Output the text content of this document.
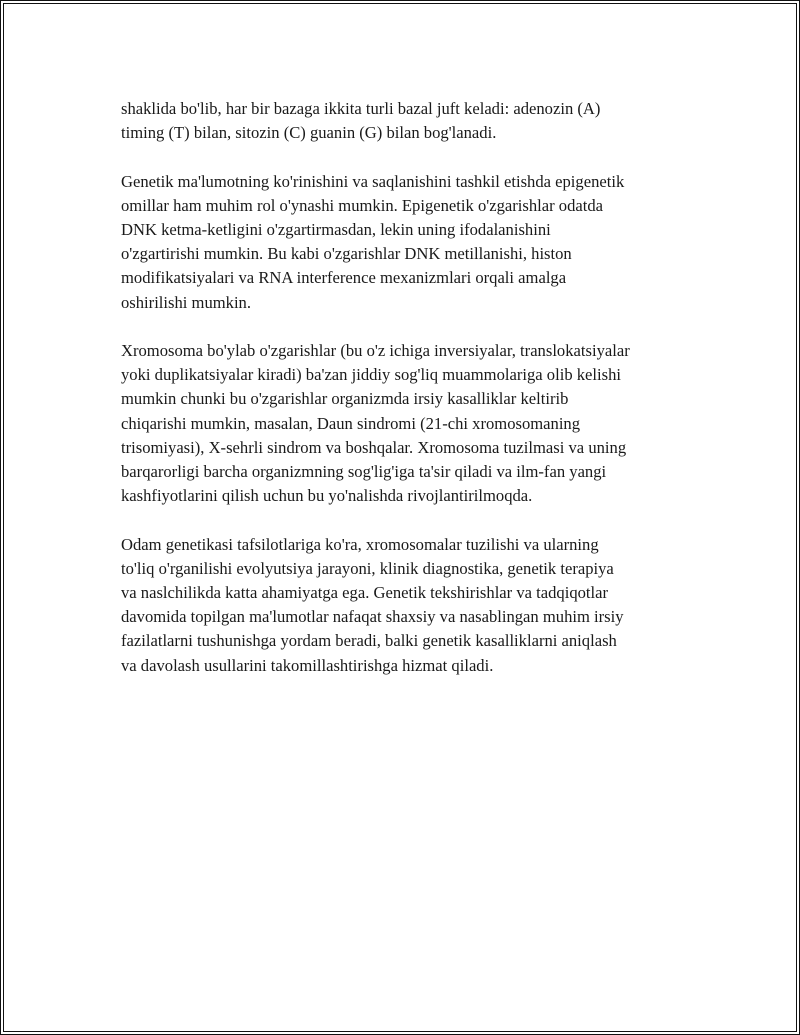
shaklida bo'lib, har bir bazaga ikkita turli bazal juft keladi: adenozin (A)
timing (T) bilan, sitozin (C) guanin (G) bilan bog'lanadi.

Genetik ma'lumotning ko'rinishini va saqlanishini tashkil etishda epigenetik
omillar ham muhim rol o'ynashi mumkin. Epigenetik o'zgarishlar odatda
DNK ketma-ketligini o'zgartirmasdan, lekin uning ifodalanishini
o'zgartirishi mumkin. Bu kabi o'zgarishlar DNK metillanishi, histon
modifikatsiyalari va RNA interference mexanizmlari orqali amalga
oshirilishi mumkin.

Xromosoma bo'ylab o'zgarishlar (bu o'z ichiga inversiyalar, translokatsiyalar
yoki duplikatsiyalar kiradi) ba'zan jiddiy sog'liq muammolariga olib kelishi
mumkin chunki bu o'zgarishlar organizmda irsiy kasalliklar keltirib
chiqarishi mumkin, masalan, Daun sindromi (21-chi xromosomaning
trisomiyasi), X-sehrli sindrom va boshqalar. Xromosoma tuzilmasi va uning
barqarorligi barcha organizmning sog'lig'iga ta'sir qiladi va ilm-fan yangi
kashfiyotlarini qilish uchun bu yo'nalishda rivojlantirilmoqda.

Odam genetikasi tafsilotlariga ko'ra, xromosomalar tuzilishi va ularning
to'liq o'rganilishi evolyutsiya jarayoni, klinik diagnostika, genetik terapiya
va naslchilikda katta ahamiyatga ega. Genetik tekshirishlar va tadqiqotlar
davomida topilgan ma'lumotlar nafaqat shaxsiy va nasablingan muhim irsiy
fazilatlarni tushunishga yordam beradi, balki genetik kasalliklarni aniqlash
va davolash usullarini takomillashtirishga hizmat qiladi.
